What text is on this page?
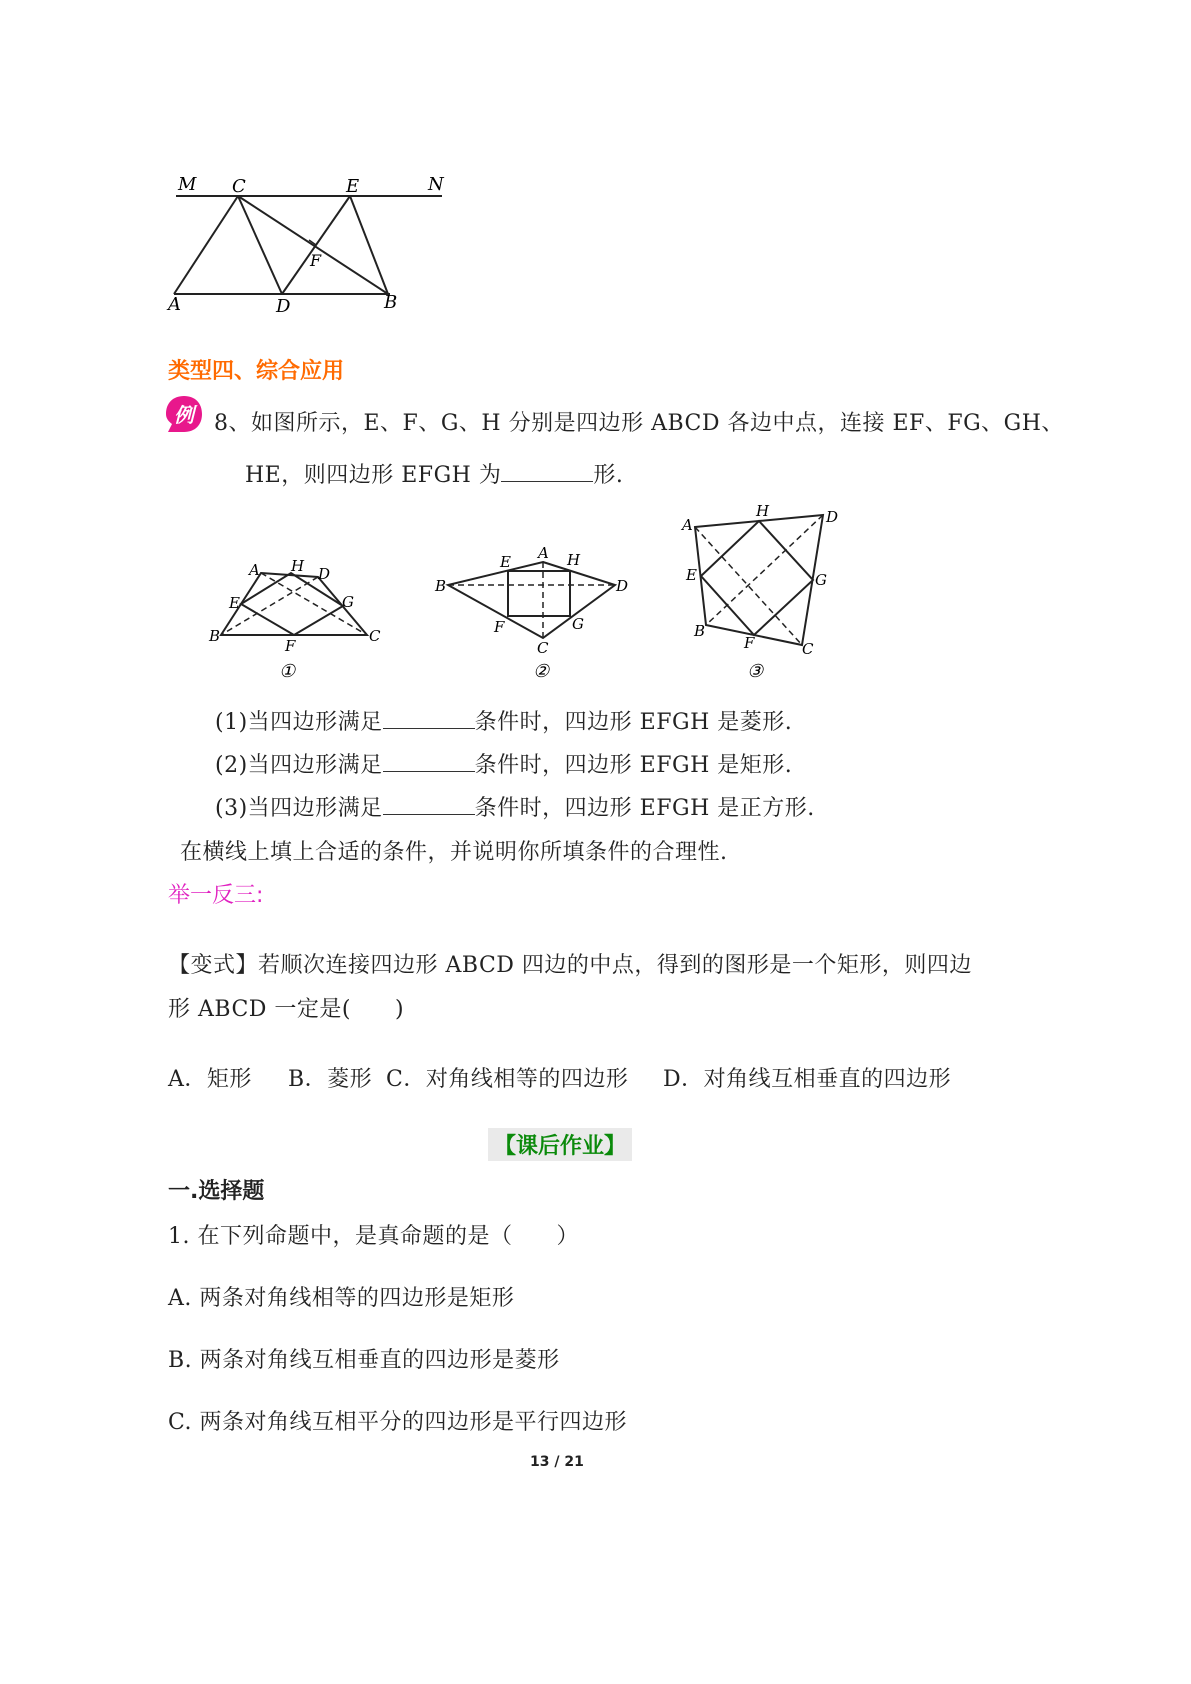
M C	E	N
F
A	D	B
类型四、综合应用
例 8、如图所示，E、F、G、H 分别是四边形 ABCD 各边中点，连接 EF、FG、GH、
HE，则四边形 EFGH 为	形.
A H D
E	G
B
F
C
①
E A H
B	D
F	G
C
②
A
H	D
E	G
B
F	C
③
(1)当四边形满足	条件时，四边形 EFGH 是菱形.
(2)当四边形满足	条件时，四边形 EFGH 是矩形.
(3)当四边形满足	条件时，四边形 EFGH 是正方形.
在横线上填上合适的条件，并说明你所填条件的合理性.
举一反三:
【变式】若顺次连接四边形 ABCD 四边的中点，得到的图形是一个矩形，则四边
形 ABCD 一定是( )
A．矩形 B．菱形 C．对角线相等的四边形 D．对角线互相垂直的四边形
【课后作业】
一.选择题
1. 在下列命题中，是真命题的是（ ）
A. 两条对角线相等的四边形是矩形
B. 两条对角线互相垂直的四边形是菱形
C. 两条对角线互相平分的四边形是平行四边形
13 / 21
